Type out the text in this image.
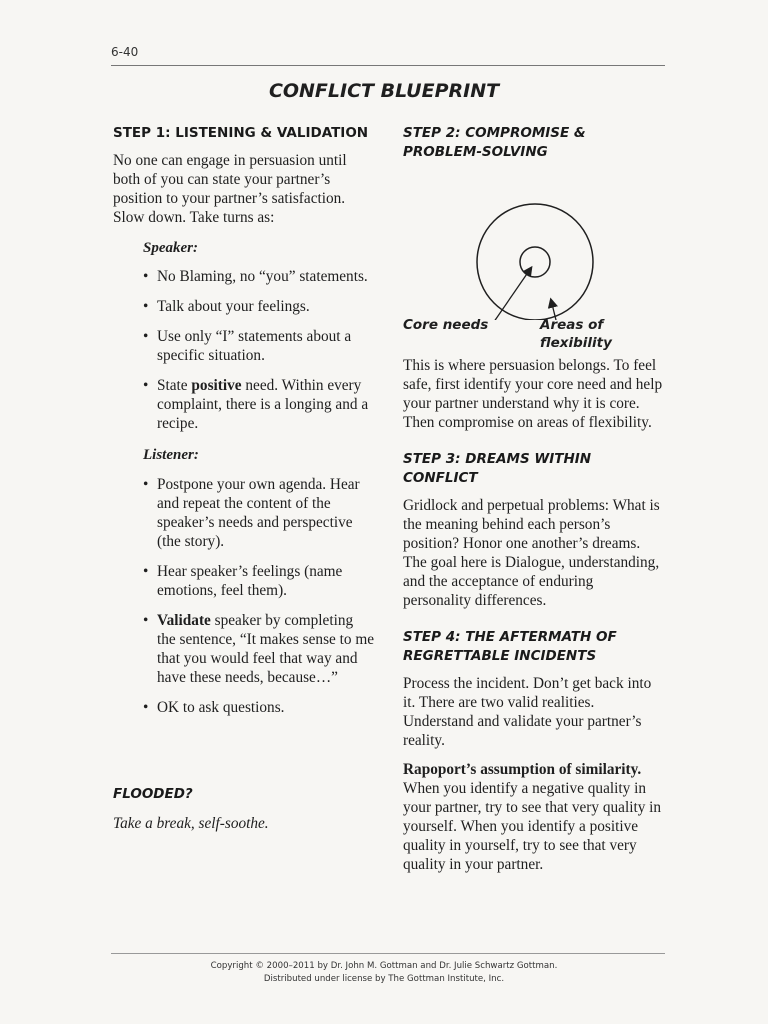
6-40
CONFLICT BLUEPRINT
STEP 1: LISTENING & VALIDATION
No one can engage in persuasion until both of you can state your partner’s position to your partner’s satisfaction. Slow down. Take turns as:
Speaker:
• No Blaming, no “you” statements.
• Talk about your feelings.
• Use only “I” statements about a specific situation.
• State positive need. Within every complaint, there is a longing and a recipe.
Listener:
• Postpone your own agenda. Hear and repeat the content of the speaker’s needs and perspective (the story).
• Hear speaker’s feelings (name emotions, feel them).
• Validate speaker by completing the sentence, “It makes sense to me that you would feel that way and have these needs, because…”
• OK to ask questions.
FLOODED?
Take a break, self-soothe.
STEP 2: COMPROMISE & PROBLEM-SOLVING
Core needs	Areas of flexibility
This is where persuasion belongs. To feel safe, first identify your core need and help your partner understand why it is core. Then compromise on areas of flexibility.
STEP 3: DREAMS WITHIN CONFLICT
Gridlock and perpetual problems: What is the meaning behind each person’s position? Honor one another’s dreams. The goal here is Dialogue, understanding, and the acceptance of enduring personality differences.
STEP 4: THE AFTERMATH OF REGRETTABLE INCIDENTS
Process the incident. Don’t get back into it. There are two valid realities. Understand and validate your partner’s reality.
Rapoport’s assumption of similarity. When you identify a negative quality in your partner, try to see that very quality in yourself. When you identify a positive quality in yourself, try to see that very quality in your partner.
Copyright © 2000–2011 by Dr. John M. Gottman and Dr. Julie Schwartz Gottman.
Distributed under license by The Gottman Institute, Inc.
